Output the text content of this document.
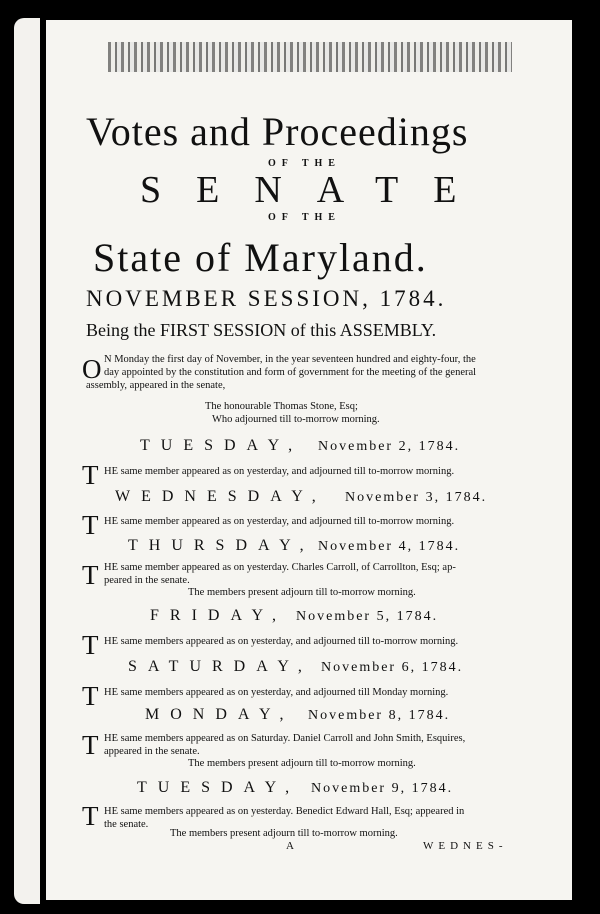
Votes and Proceedings
OF THE
SENATE
OF THE
State of Maryland.
NOVEMBER SESSION, 1784.
Being the FIRST SESSION of this ASSEMBLY.
O N Monday the first day of November, in the year seventeen hundred and eighty-four, the
day appointed by the constitution and form of government for the meeting of the general
assembly, appeared in the senate,
The honourable Thomas Stone, Esq;
Who adjourned till to-morrow morning.
TUESDAY, November 2, 1784.
T HE same member appeared as on yesterday, and adjourned till to-morrow morning.
WEDNESDAY, November 3, 1784.
T HE same member appeared as on yesterday, and adjourned till to-morrow morning.
THURSDAY, November 4, 1784.
T HE same member appeared as on yesterday. Charles Carroll, of Carrollton, Esq; ap-
peared in the senate.
The members present adjourn till to-morrow morning.
FRIDAY, November 5, 1784.
T HE same members appeared as on yesterday, and adjourned till to-morrow morning.
SATURDAY, November 6, 1784.
T HE same members appeared as on yesterday, and adjourned till Monday morning.
MONDAY, November 8, 1784.
T HE same members appeared as on Saturday. Daniel Carroll and John Smith, Esquires,
appeared in the senate.
The members present adjourn till to-morrow morning.
TUESDAY, November 9, 1784.
T HE same members appeared as on yesterday. Benedict Edward Hall, Esq; appeared in
the senate.
The members present adjourn till to-morrow morning.
A	WEDNES-
